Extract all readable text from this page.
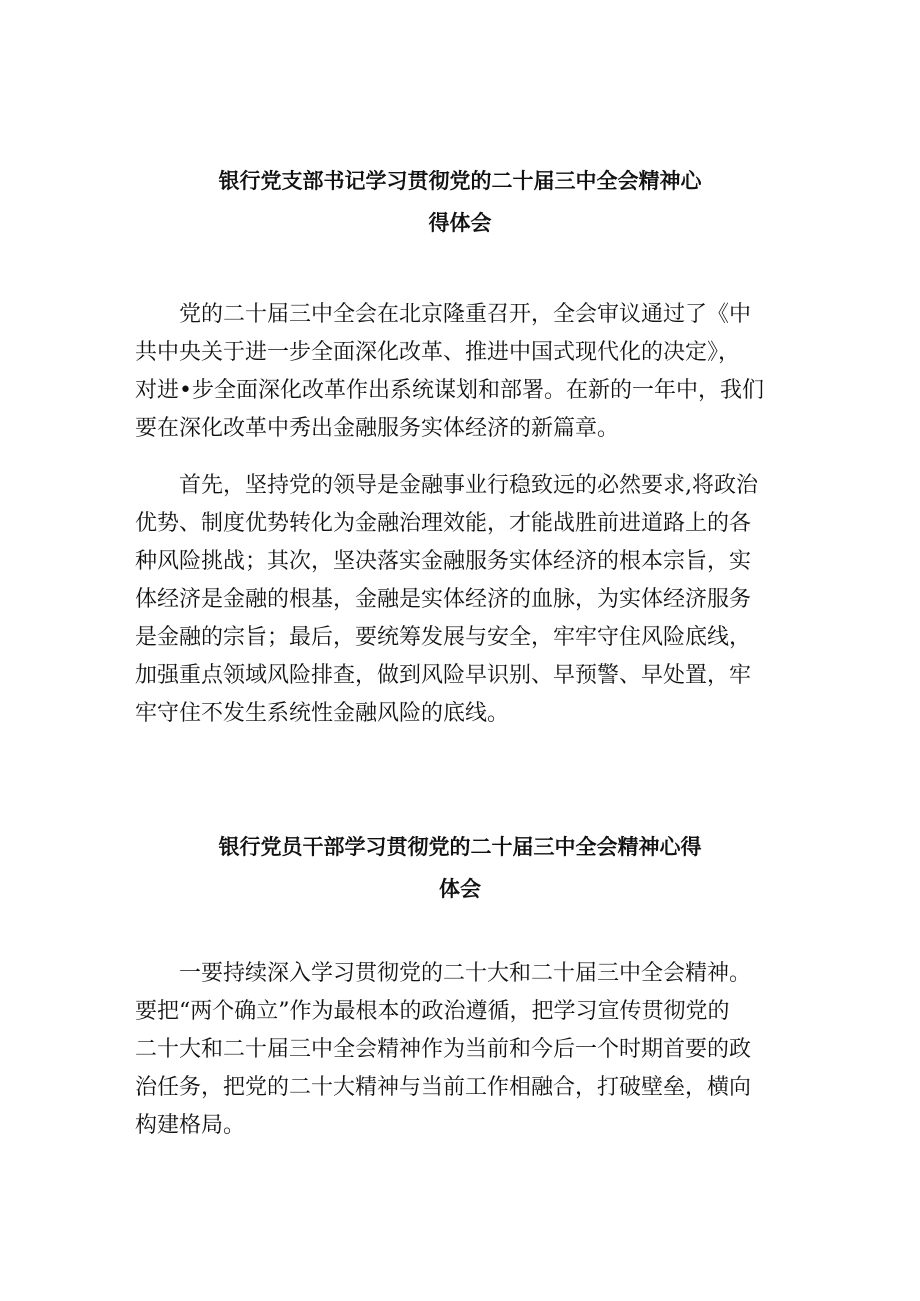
银行党支部书记学习贯彻党的二十届三中全会精神心
得体会

党的二十届三中全会在北京隆重召开，全会审议通过了《中
共中央关于进一步全面深化改革、推进中国式现代化的决定》，
对进•步全面深化改革作出系统谋划和部署。在新的一年中，我们
要在深化改革中秀出金融服务实体经济的新篇章。

首先，坚持党的领导是金融事业行稳致远的必然要求,将政治
优势、制度优势转化为金融治理效能，才能战胜前进道路上的各
种风险挑战；其次，坚决落实金融服务实体经济的根本宗旨，实
体经济是金融的根基，金融是实体经济的血脉，为实体经济服务
是金融的宗旨；最后，要统筹发展与安全，牢牢守住风险底线，
加强重点领域风险排查，做到风险早识别、早预警、早处置，牢
牢守住不发生系统性金融风险的底线。

银行党员干部学习贯彻党的二十届三中全会精神心得
体会

一要持续深入学习贯彻党的二十大和二十届三中全会精神。
要把“两个确立”作为最根本的政治遵循，把学习宣传贯彻党的
二十大和二十届三中全会精神作为当前和今后一个时期首要的政
治任务，把党的二十大精神与当前工作相融合，打破壁垒，横向
构建格局。
